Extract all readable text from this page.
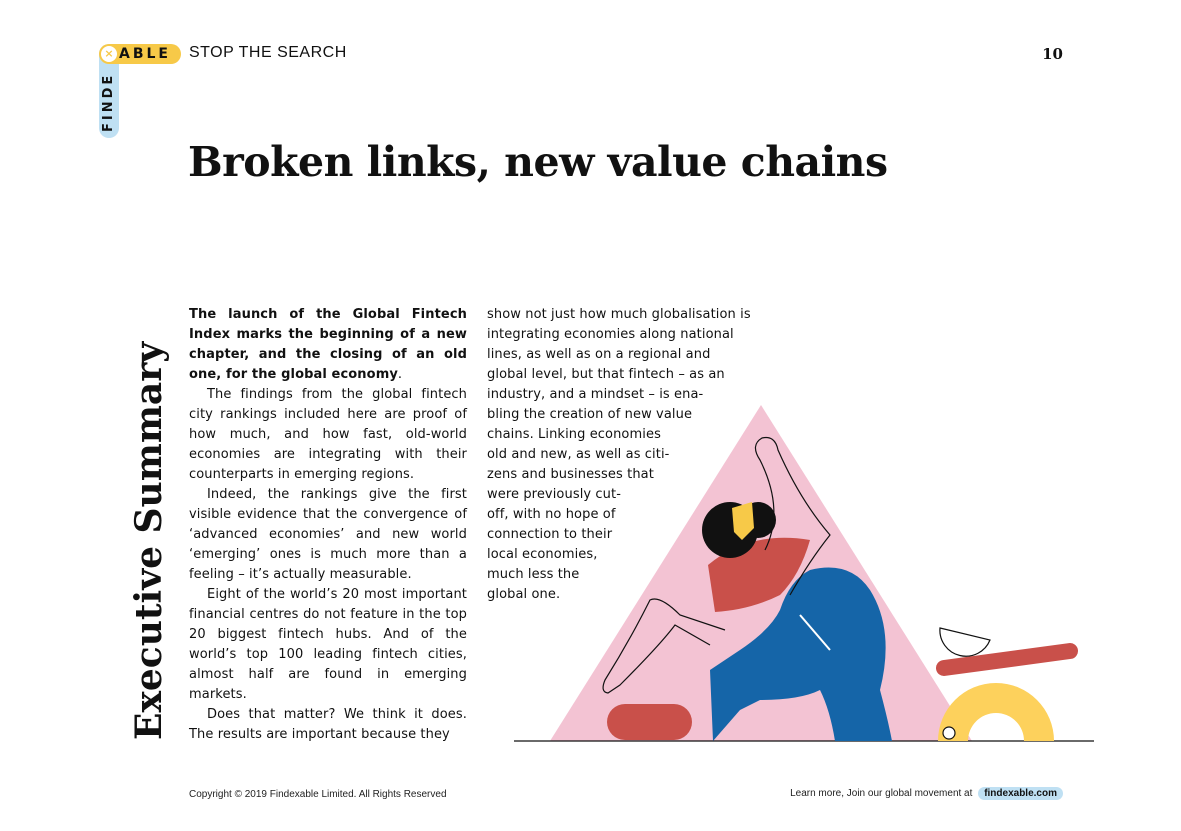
× ABLE
FINDE
STOP THE SEARCH	10
Broken links, new value chains
Executive Summary

The launch of the Global Fintech Index marks the beginning of a new chapter, and the closing of an old one, for the global economy.

The findings from the global fintech city rankings included here are proof of how much, and how fast, old-world economies are integrating with their counterparts in emerging regions.

Indeed, the rankings give the first visible evidence that the convergence of ‘advanced economies’ and new world ‘emerging’ ones is much more than a feeling – it’s actually measurable.

Eight of the world’s 20 most important financial centres do not feature in the top 20 biggest fintech hubs. And of the world’s top 100 leading fintech cities, almost half are found in emerging markets.

Does that matter? We think it does. The results are important because they

show not just how much globalisation is

integrating economies along national

lines, as well as on a regional and

global level, but that fintech – as an

industry, and a mindset – is ena-

bling the creation of new value

chains. Linking economies

old and new, as well as citi-

zens and businesses that

were previously cut-

off, with no hope of

connection to their

local economies,

much less the

global one.

Copyright © 2019 Findexable Limited. All Rights Reserved	Learn more, Join our global movement at findexable.com
